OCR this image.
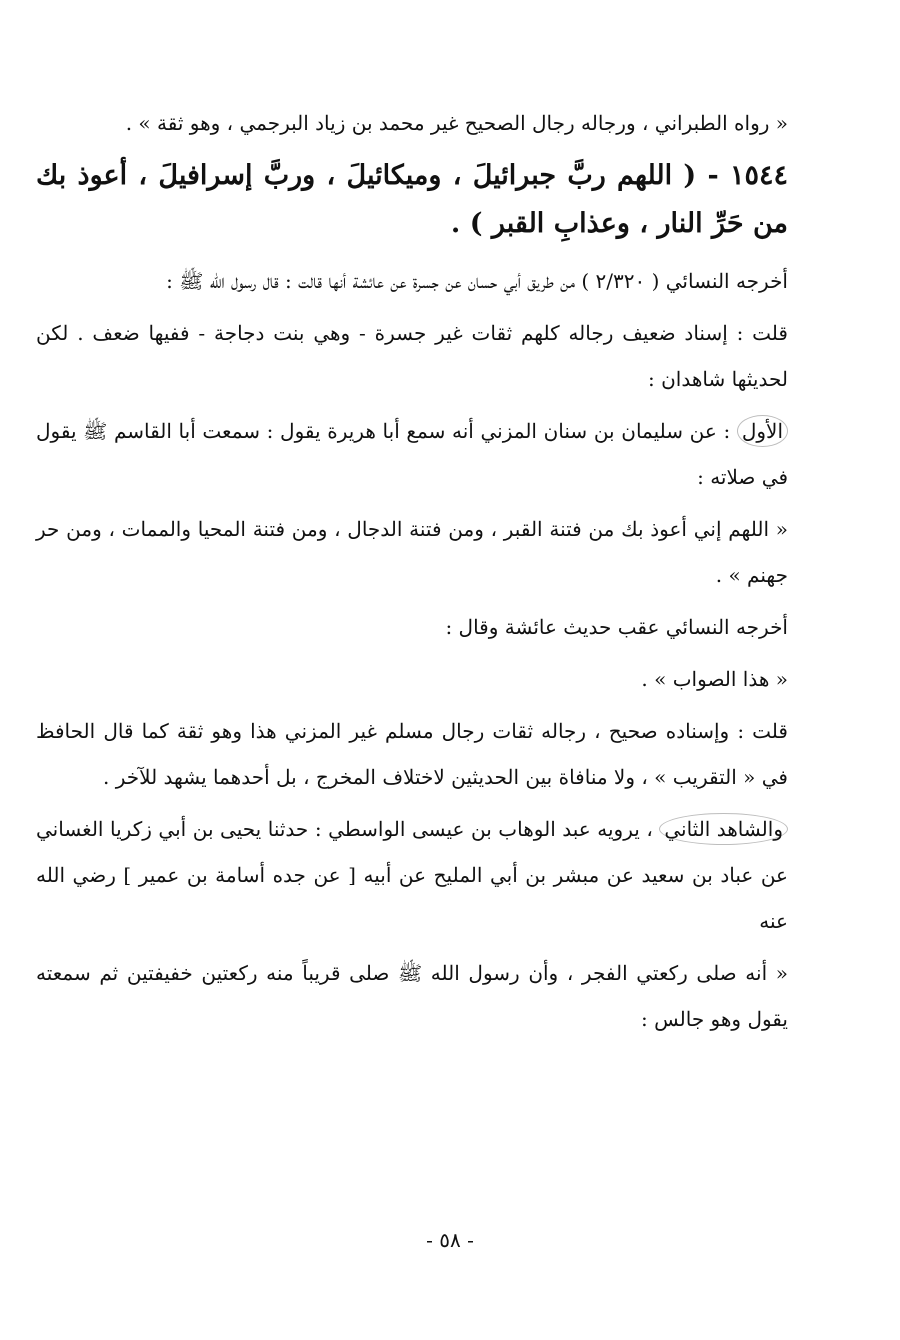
« رواه الطبراني ، ورجاله رجال الصحيح غير محمد بن زياد البرجمي ، وهو ثقة » .

١٥٤٤ - ( اللهم ربَّ جبرائيلَ ، وميكائيلَ ، وربَّ إسرافيلَ ، أعوذ بك من حَرِّ النار ، وعذابِ القبر ) .

أخرجه النسائي ( ٢/٣٢٠ ) من طريق أبي حسان عن جسرة عن عائشة أنها قالت : قال رسول الله ﷺ :

قلت : إسناد ضعيف رجاله كلهم ثقات غير جسرة - وهي بنت دجاجة - ففيها ضعف . لكن لحديثها شاهدان :

الأول : عن سليمان بن سنان المزني أنه سمع أبا هريرة يقول : سمعت أبا القاسم ﷺ يقول في صلاته :

« اللهم إني أعوذ بك من فتنة القبر ، ومن فتنة الدجال ، ومن فتنة المحيا والممات ، ومن حر جهنم » .

أخرجه النسائي عقب حديث عائشة وقال :

« هذا الصواب » .

قلت : وإسناده صحيح ، رجاله ثقات رجال مسلم غير المزني هذا وهو ثقة كما قال الحافظ في « التقريب » ، ولا منافاة بين الحديثين لاختلاف المخرج ، بل أحدهما يشهد للآخر .

والشاهد الثاني ، يرويه عبد الوهاب بن عيسى الواسطي : حدثنا يحيى بن أبي زكريا الغساني عن عباد بن سعيد عن مبشر بن أبي المليح عن أبيه [ عن جده أسامة بن عمير ] رضي الله عنه

« أنه صلى ركعتي الفجر ، وأن رسول الله ﷺ صلى قريباً منه ركعتين خفيفتين ثم سمعته يقول وهو جالس :

- ٥٨ -
